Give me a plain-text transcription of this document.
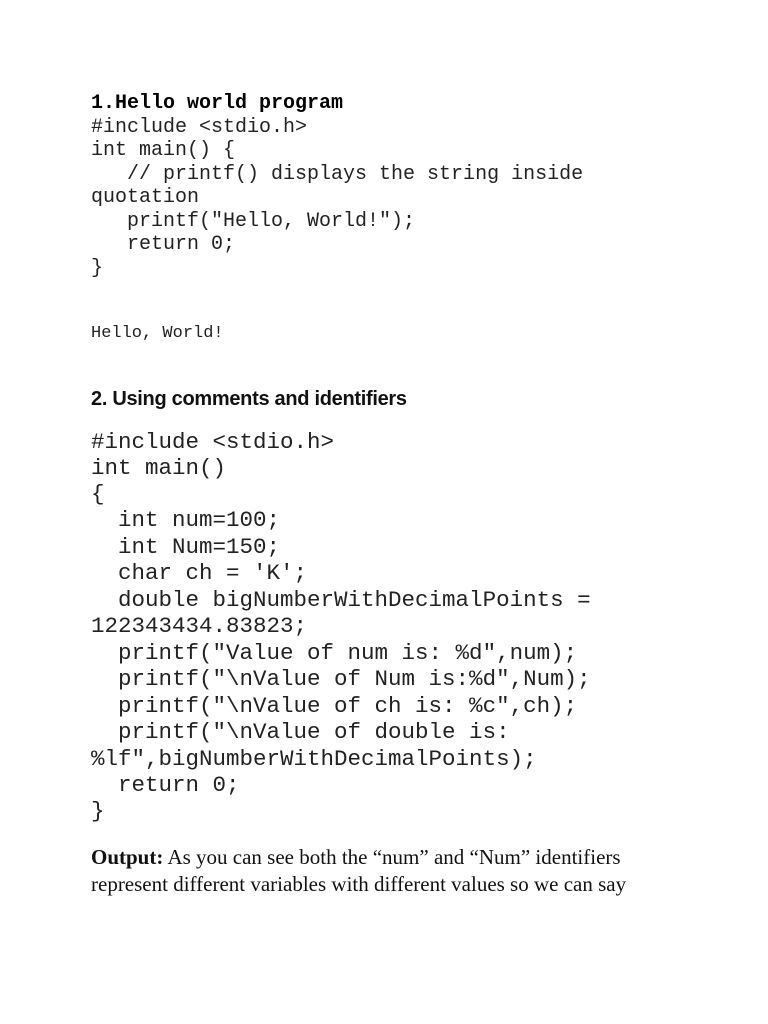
1.Hello world program
#include <stdio.h>
int main() {
// printf() displays the string inside
quotation
printf("Hello, World!");
return 0;
}
Hello, World!
2. Using comments and identifiers
#include <stdio.h>
int main()
{
int num=100;
int Num=150;
char ch = 'K';
double bigNumberWithDecimalPoints =
122343434.83823;
printf("Value of num is: %d",num);
printf("\nValue of Num is:%d",Num);
printf("\nValue of ch is: %c",ch);
printf("\nValue of double is:
%lf",bigNumberWithDecimalPoints);
return 0;
}
Output: As you can see both the “num” and “Num” identifiers
represent different variables with different values so we can say
